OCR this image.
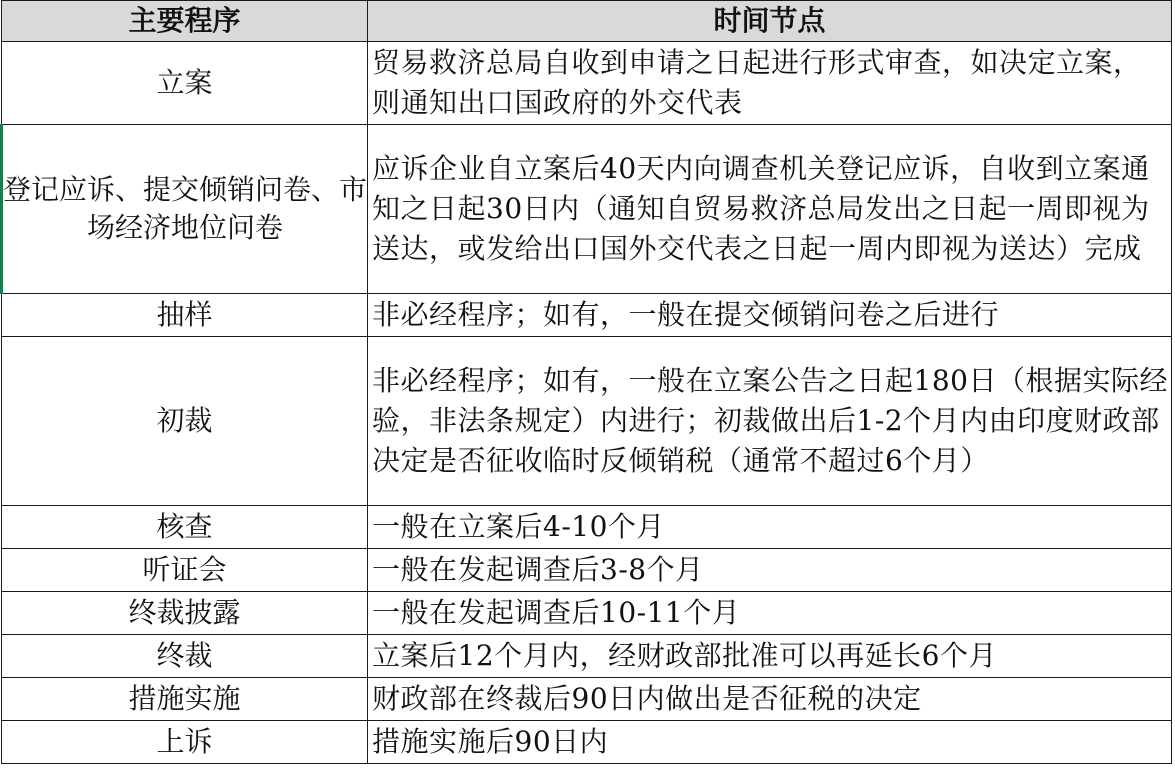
主要程序	时间节点
立案	贸易救济总局自收到申请之日起进行形式审查，如决定立案，则通知出口国政府的外交代表
登记应诉、提交倾销问卷、市场经济地位问卷	应诉企业自立案后40天内向调查机关登记应诉，自收到立案通知之日起30日内（通知自贸易救济总局发出之日起一周即视为送达，或发给出口国外交代表之日起一周内即视为送达）完成
抽样	非必经程序；如有，一般在提交倾销问卷之后进行
初裁	非必经程序；如有，一般在立案公告之日起180日（根据实际经验，非法条规定）内进行；初裁做出后1-2个月内由印度财政部决定是否征收临时反倾销税（通常不超过6个月）
核查	一般在立案后4-10个月
听证会	一般在发起调查后3-8个月
终裁披露	一般在发起调查后10-11个月
终裁	立案后12个月内，经财政部批准可以再延长6个月
措施实施	财政部在终裁后90日内做出是否征税的决定
上诉	措施实施后90日内
